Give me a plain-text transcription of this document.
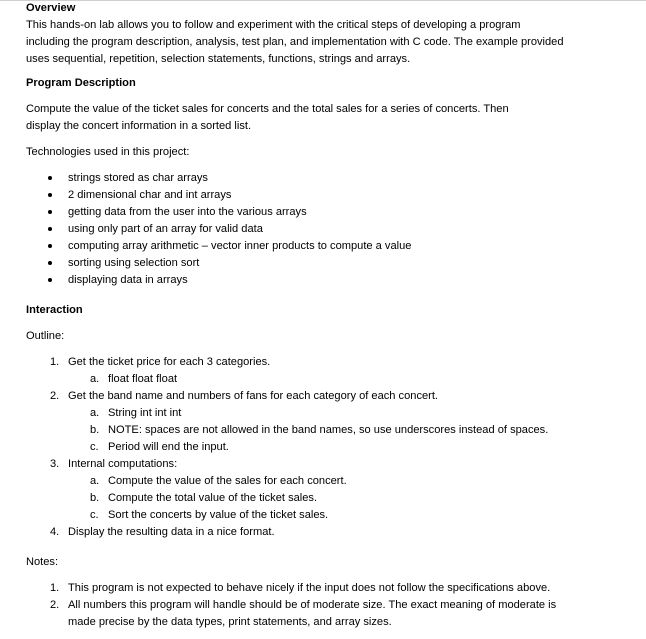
Overview
This hands-on lab allows you to follow and experiment with the critical steps of developing a program including the program description, analysis, test plan, and implementation with C code. The example provided uses sequential, repetition, selection statements, functions, strings and arrays.
Program Description
Compute the value of the ticket sales for concerts and the total sales for a series of concerts. Then display the concert information in a sorted list.
Technologies used in this project:
strings stored as char arrays
2 dimensional char and int arrays
getting data from the user into the various arrays
using only part of an array for valid data
computing array arithmetic – vector inner products to compute a value
sorting using selection sort
displaying data in arrays
Interaction
Outline:
1. Get the ticket price for each 3 categories.
a. float float float
2. Get the band name and numbers of fans for each category of each concert.
a. String int int int
b. NOTE: spaces are not allowed in the band names, so use underscores instead of spaces.
c. Period will end the input.
3. Internal computations:
a. Compute the value of the sales for each concert.
b. Compute the total value of the ticket sales.
c. Sort the concerts by value of the ticket sales.
4. Display the resulting data in a nice format.
Notes:
1. This program is not expected to behave nicely if the input does not follow the specifications above.
2. All numbers this program will handle should be of moderate size. The exact meaning of moderate is made precise by the data types, print statements, and array sizes.
